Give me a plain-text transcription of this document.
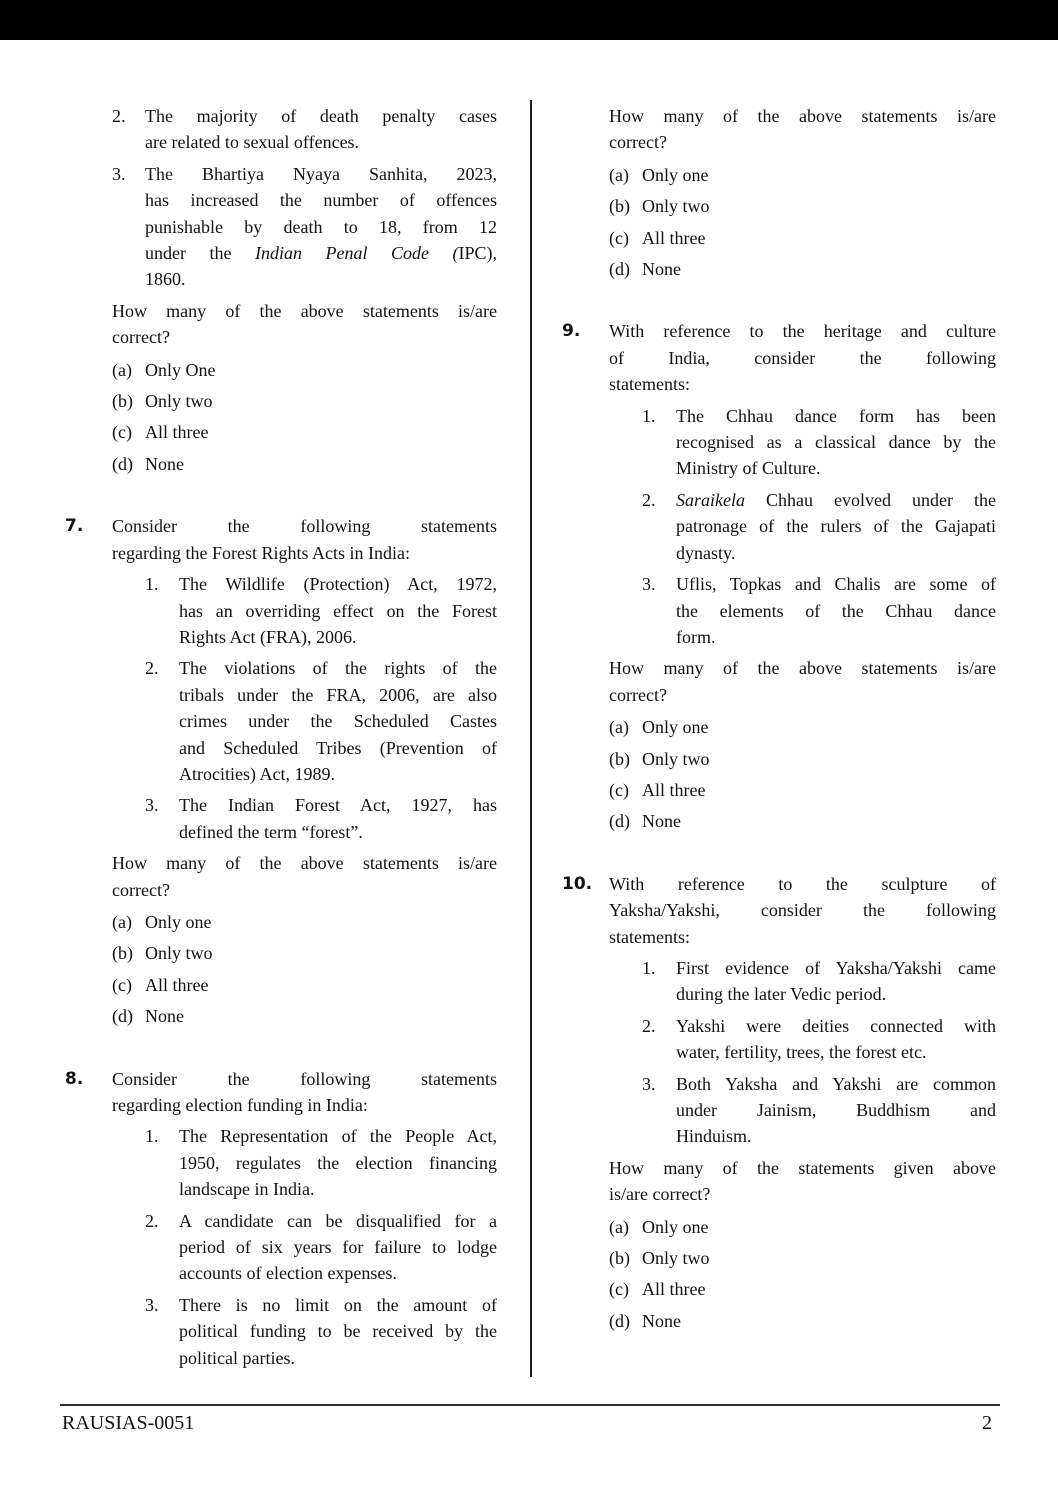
2. The majority of death penalty cases
are related to sexual offences.
3. The Bhartiya Nyaya Sanhita, 2023,
has increased the number of offences
punishable by death to 18, from 12
under the Indian Penal Code (IPC),
1860.
How many of the above statements is/are
correct?
(a) Only One
(b) Only two
(c) All three
(d) None
7. Consider the following statements
regarding the Forest Rights Acts in India:
1. The Wildlife (Protection) Act, 1972,
has an overriding effect on the Forest
Rights Act (FRA), 2006.
2. The violations of the rights of the
tribals under the FRA, 2006, are also
crimes under the Scheduled Castes
and Scheduled Tribes (Prevention of
Atrocities) Act, 1989.
3. The Indian Forest Act, 1927, has
defined the term “forest”.
How many of the above statements is/are
correct?
(a) Only one
(b) Only two
(c) All three
(d) None
8. Consider the following statements
regarding election funding in India:
1. The Representation of the People Act,
1950, regulates the election financing
landscape in India.
2. A candidate can be disqualified for a
period of six years for failure to lodge
accounts of election expenses.
3. There is no limit on the amount of
political funding to be received by the
political parties.
How many of the above statements is/are
correct?
(a) Only one
(b) Only two
(c) All three
(d) None
9. With reference to the heritage and culture
of India, consider the following
statements:
1. The Chhau dance form has been
recognised as a classical dance by the
Ministry of Culture.
2. Saraikela Chhau evolved under the
patronage of the rulers of the Gajapati
dynasty.
3. Uflis, Topkas and Chalis are some of
the elements of the Chhau dance
form.
How many of the above statements is/are
correct?
(a) Only one
(b) Only two
(c) All three
(d) None
10. With reference to the sculpture of
Yaksha/Yakshi, consider the following
statements:
1. First evidence of Yaksha/Yakshi came
during the later Vedic period.
2. Yakshi were deities connected with
water, fertility, trees, the forest etc.
3. Both Yaksha and Yakshi are common
under Jainism, Buddhism and
Hinduism.
How many of the statements given above
is/are correct?
(a) Only one
(b) Only two
(c) All three
(d) None
RAUSIAS-0051	2
